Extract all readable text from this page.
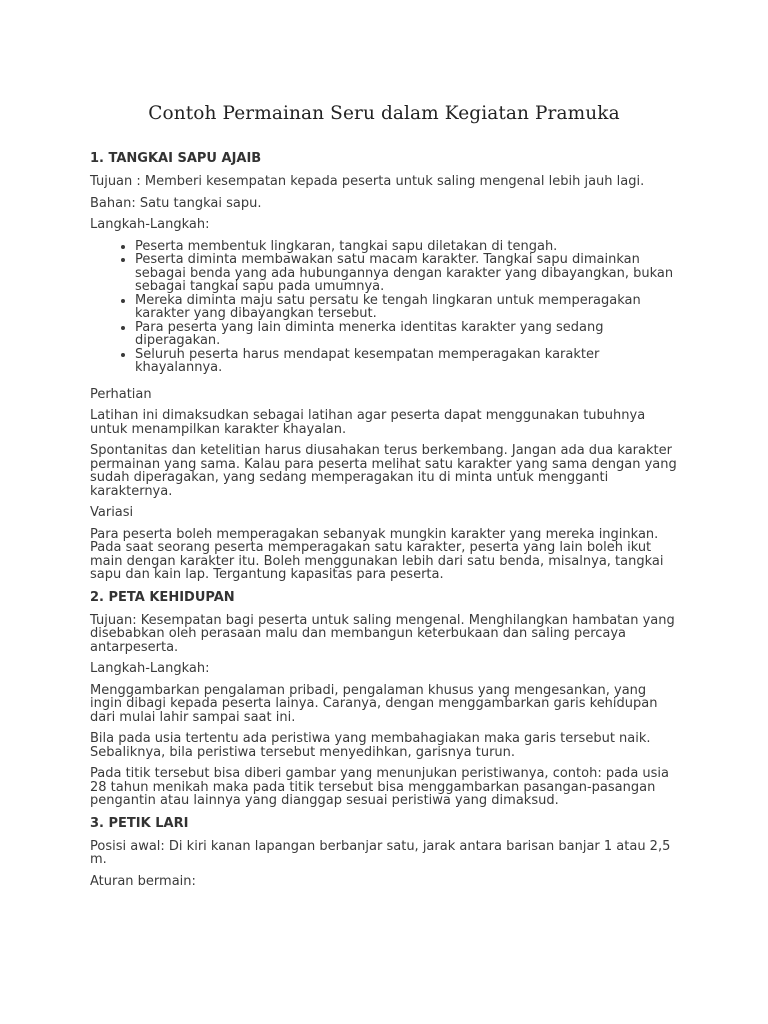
Contoh Permainan Seru dalam Kegiatan Pramuka
1. TANGKAI SAPU AJAIB

Tujuan : Memberi kesempatan kepada peserta untuk saling mengenal lebih jauh lagi.

Bahan: Satu tangkai sapu.

Langkah-Langkah:

• Peserta membentuk lingkaran, tangkai sapu diletakan di tengah.
• Peserta diminta membawakan satu macam karakter. Tangkai sapu dimainkan sebagai benda yang ada hubungannya dengan karakter yang dibayangkan, bukan sebagai tangkai sapu pada umumnya.
• Mereka diminta maju satu persatu ke tengah lingkaran untuk memperagakan karakter yang dibayangkan tersebut.
• Para peserta yang lain diminta menerka identitas karakter yang sedang diperagakan.
• Seluruh peserta harus mendapat kesempatan memperagakan karakter khayalannya.

Perhatian

Latihan ini dimaksudkan sebagai latihan agar peserta dapat menggunakan tubuhnya untuk menampilkan karakter khayalan.

Spontanitas dan ketelitian harus diusahakan terus berkembang. Jangan ada dua karakter permainan yang sama. Kalau para peserta melihat satu karakter yang sama dengan yang sudah diperagakan, yang sedang memperagakan itu di minta untuk mengganti karakternya.

Variasi

Para peserta boleh memperagakan sebanyak mungkin karakter yang mereka inginkan. Pada saat seorang peserta memperagakan satu karakter, peserta yang lain boleh ikut main dengan karakter itu. Boleh menggunakan lebih dari satu benda, misalnya, tangkai sapu dan kain lap. Tergantung kapasitas para peserta.

2. PETA KEHIDUPAN

Tujuan: Kesempatan bagi peserta untuk saling mengenal. Menghilangkan hambatan yang disebabkan oleh perasaan malu dan membangun keterbukaan dan saling percaya antarpeserta.

Langkah-Langkah:

Menggambarkan pengalaman pribadi, pengalaman khusus yang mengesankan, yang ingin dibagi kepada peserta lainya. Caranya, dengan menggambarkan garis kehidupan dari mulai lahir sampai saat ini.

Bila pada usia tertentu ada peristiwa yang membahagiakan maka garis tersebut naik. Sebaliknya, bila peristiwa tersebut menyedihkan, garisnya turun.

Pada titik tersebut bisa diberi gambar yang menunjukan peristiwanya, contoh: pada usia 28 tahun menikah maka pada titik tersebut bisa menggambarkan pasangan-pasangan pengantin atau lainnya yang dianggap sesuai peristiwa yang dimaksud.

3. PETIK LARI

Posisi awal: Di kiri kanan lapangan berbanjar satu, jarak antara barisan banjar 1 atau 2,5 m.

Aturan bermain:
